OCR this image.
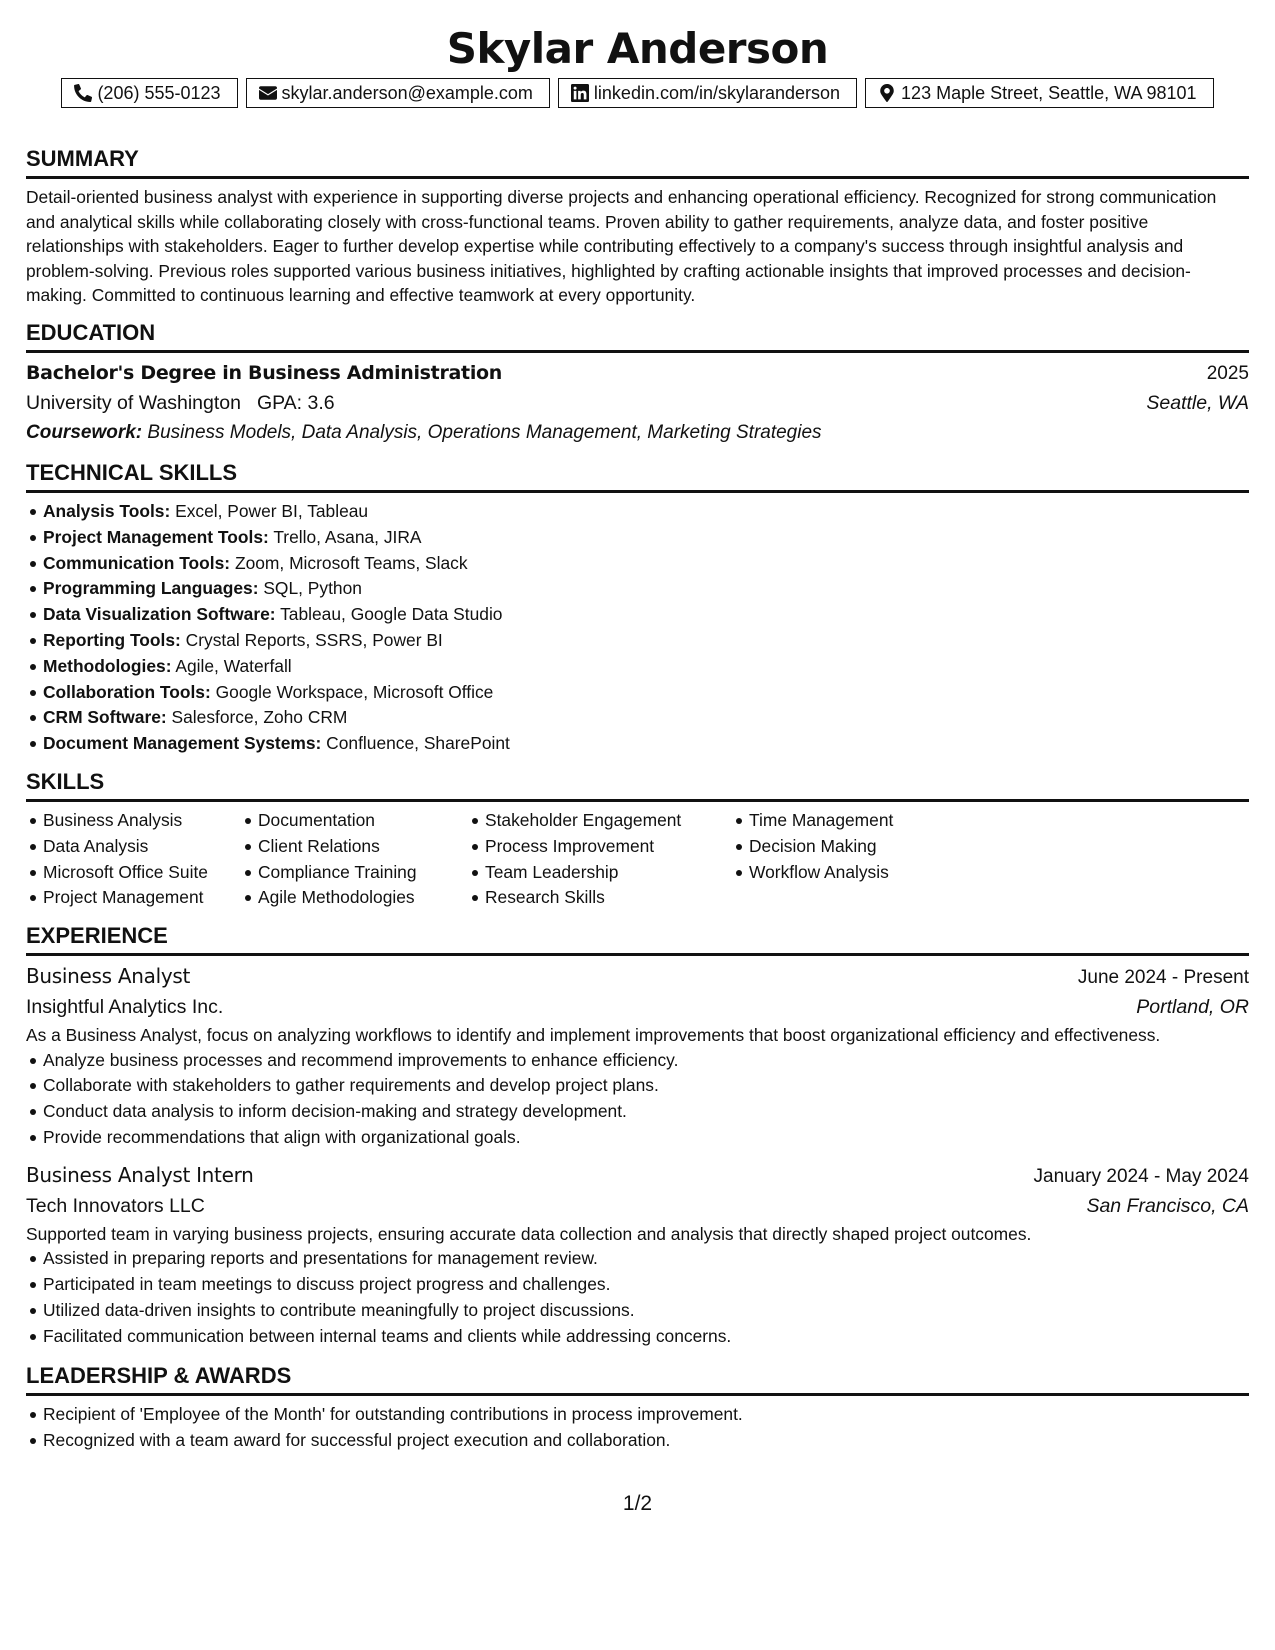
Skylar Anderson
(206) 555-0123	skylar.anderson@example.com	linkedin.com/in/skylaranderson	123 Maple Street, Seattle, WA 98101
SUMMARY

Detail-oriented business analyst with experience in supporting diverse projects and enhancing operational efficiency. Recognized for strong communication and analytical skills while collaborating closely with cross-functional teams. Proven ability to gather requirements, analyze data, and foster positive relationships with stakeholders. Eager to further develop expertise while contributing effectively to a company's success through insightful analysis and problem-solving. Previous roles supported various business initiatives, highlighted by crafting actionable insights that improved processes and decision-making. Committed to continuous learning and effective teamwork at every opportunity.

EDUCATION
Bachelor's Degree in Business Administration	2025
University of Washington GPA: 3.6	Seattle, WA
Coursework: Business Models, Data Analysis, Operations Management, Marketing Strategies
TECHNICAL SKILLS
Analysis Tools: Excel, Power BI, Tableau
Project Management Tools: Trello, Asana, JIRA
Communication Tools: Zoom, Microsoft Teams, Slack
Programming Languages: SQL, Python
Data Visualization Software: Tableau, Google Data Studio
Reporting Tools: Crystal Reports, SSRS, Power BI
Methodologies: Agile, Waterfall
Collaboration Tools: Google Workspace, Microsoft Office
CRM Software: Salesforce, Zoho CRM
Document Management Systems: Confluence, SharePoint
SKILLS
Business Analysis
Data Analysis
Microsoft Office Suite
Project Management
Documentation
Client Relations
Compliance Training
Agile Methodologies
Stakeholder Engagement
Process Improvement
Team Leadership
Research Skills
Time Management
Decision Making
Workflow Analysis
EXPERIENCE
Business Analyst	June 2024 - Present
Insightful Analytics Inc.	Portland, OR

As a Business Analyst, focus on analyzing workflows to identify and implement improvements that boost organizational efficiency and effectiveness.

Analyze business processes and recommend improvements to enhance efficiency.
Collaborate with stakeholders to gather requirements and develop project plans.
Conduct data analysis to inform decision-making and strategy development.
Provide recommendations that align with organizational goals.
Business Analyst Intern	January 2024 - May 2024
Tech Innovators LLC	San Francisco, CA

Supported team in varying business projects, ensuring accurate data collection and analysis that directly shaped project outcomes.

Assisted in preparing reports and presentations for management review.
Participated in team meetings to discuss project progress and challenges.
Utilized data-driven insights to contribute meaningfully to project discussions.
Facilitated communication between internal teams and clients while addressing concerns.
LEADERSHIP & AWARDS
Recipient of 'Employee of the Month' for outstanding contributions in process improvement.
Recognized with a team award for successful project execution and collaboration.
1/2
